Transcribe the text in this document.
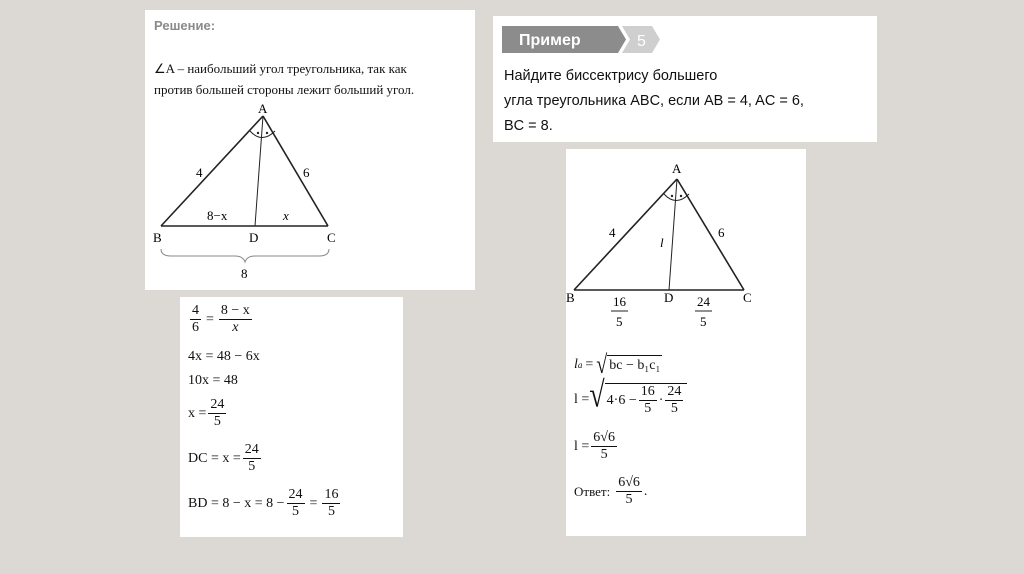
Решение:
∠A – наибольший угол треугольника, так как
против большей стороны лежит больший угол.
A
B	D	C
4	6
8−x	x
8
Пример	5
Найдите биссектрису большего
угла треугольника ABC, если AB = 4, AC = 6,
BC = 8.
$\frac{4}{6} = \frac{8 - x}{x}$
4x = 48 − 6x
10x = 48
$x = \frac{24}{5}$
DC = $x = \frac{24}{5}$
BD = $8 - x = 8 - \frac{24}{5} = \frac{16}{5}$
A
B	D	C
4	6
l
16
5
24
5
l a = √ bc − b₁c₁
l = √ $4\cdot 6 - \frac{16}{5} \cdot \frac{24}{5}$
$l = \frac{6√6}{5}$
Ответ: $\frac{6√6}{5}$ .
